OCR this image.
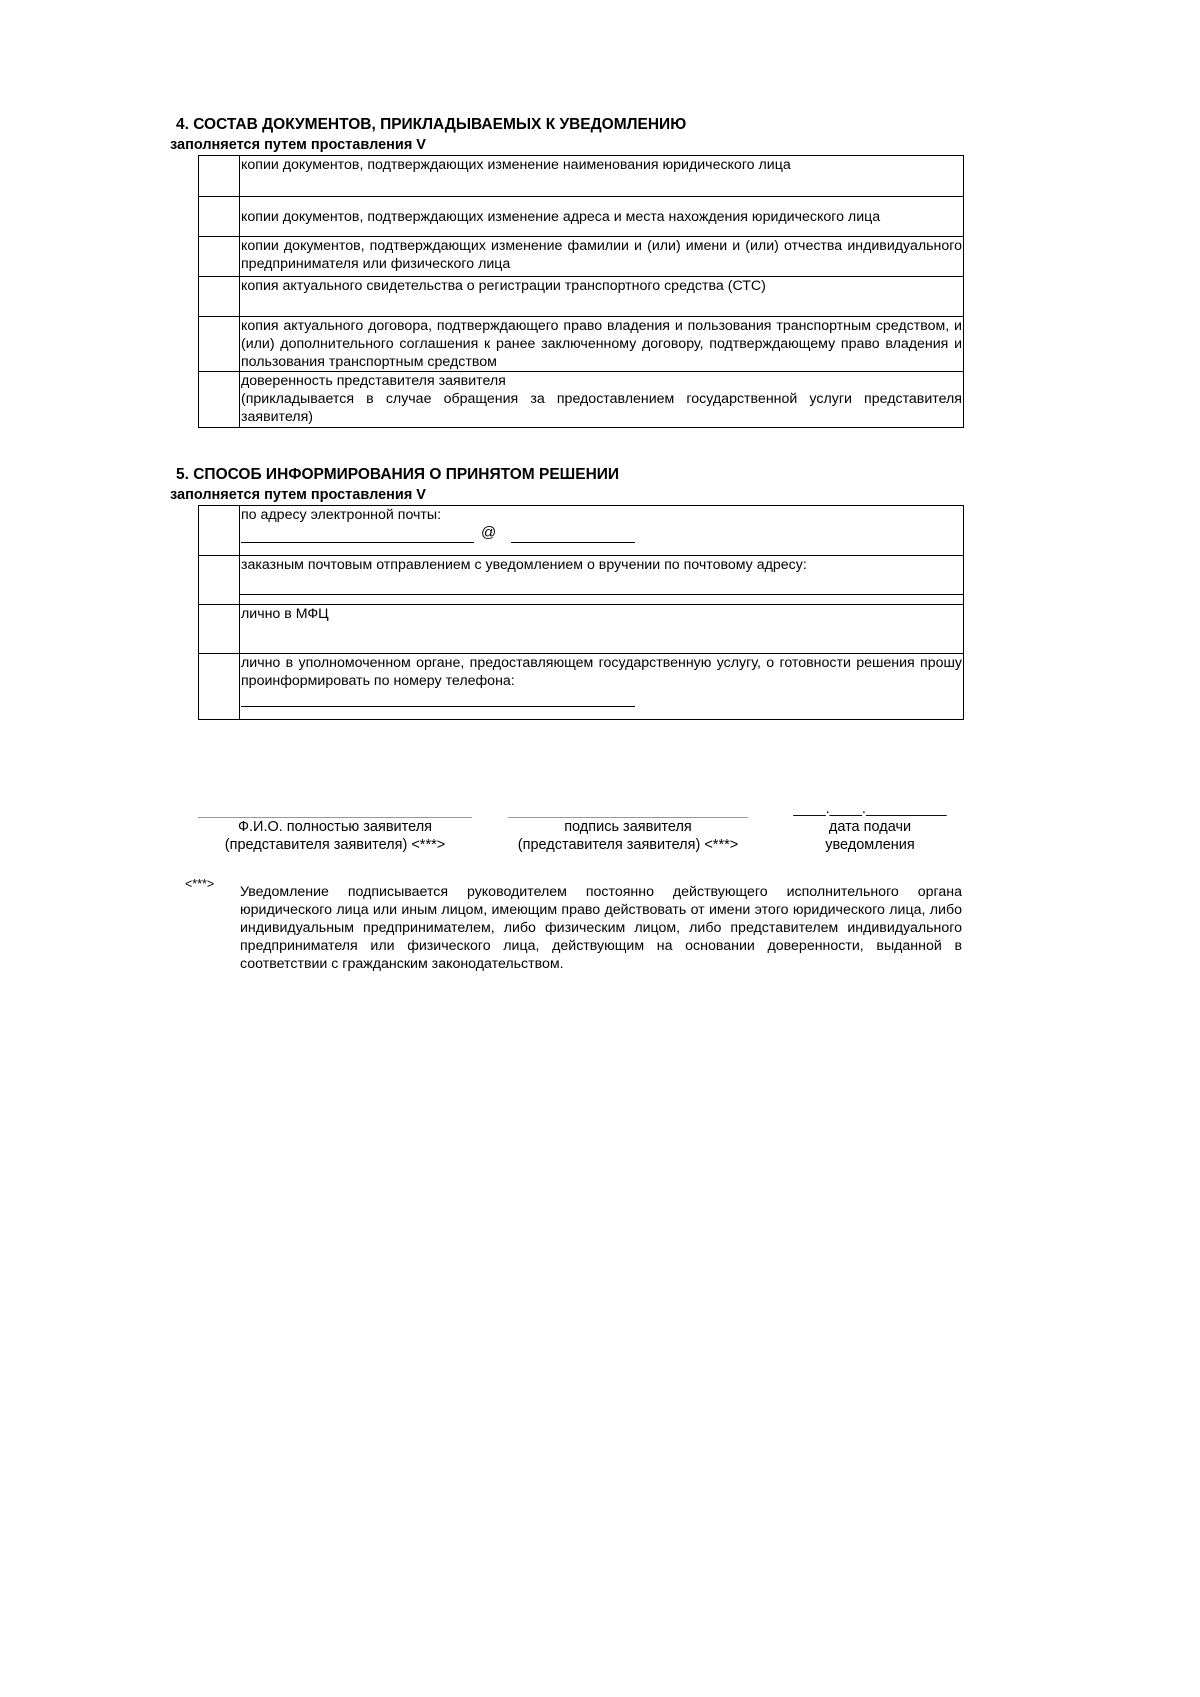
4. СОСТАВ ДОКУМЕНТОВ, ПРИКЛАДЫВАЕМЫХ К УВЕДОМЛЕНИЮ
заполняется путем проставления V
	копии документов, подтверждающих изменение наименования юридического лица
	копии документов, подтверждающих изменение адреса и места нахождения юридического лица
	копии документов, подтверждающих изменение фамилии и (или) имени и (или) отчества индивидуального предпринимателя или физического лица
	копия актуального свидетельства о регистрации транспортного средства (СТС)
	копия актуального договора, подтверждающего право владения и пользования транспортным средством, и (или) дополнительного соглашения к ранее заключенному договору, подтверждающему право владения и пользования транспортным средством

	доверенность представителя заявителя
(прикладывается в случае обращения за предоставлением государственной услуги представителя заявителя)
5. СПОСОБ ИНФОРМИРОВАНИЯ О ПРИНЯТОМ РЕШЕНИИ
заполняется путем проставления V

	по адресу электронной почты:
@

	заказным почтовым отправлением с уведомлением о вручении по почтовому адресу:

	лично в МФЦ

	лично в уполномоченном органе, предоставляющем государственную услугу, о готовности решения прошу проинформировать по номеру телефона:
Ф.И.О. полностью заявителя
(представителя заявителя) <***>
подпись заявителя
(представителя заявителя) <***>
____.____.__________
дата подачи
уведомления
<***> Уведомление подписывается руководителем постоянно действующего исполнительного органа юридического лица или иным лицом, имеющим право действовать от имени этого юридического лица, либо индивидуальным предпринимателем, либо физическим лицом, либо представителем индивидуального предпринимателя или физического лица, действующим на основании доверенности, выданной в соответствии с гражданским законодательством.
